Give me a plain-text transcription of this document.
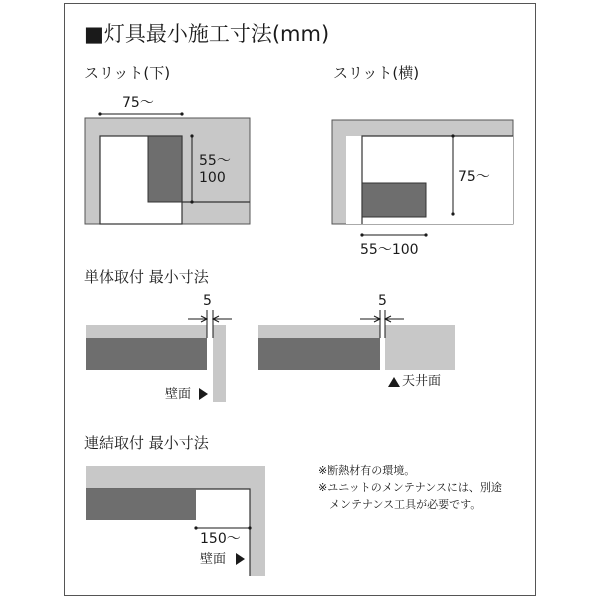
■灯具最小施工寸法(mm)
スリット(下)
75～
55～
100
スリット(横)
75～
55～100
単体取付 最小寸法
5	5
壁面
天井面
連結取付 最小寸法
150～
壁面
※断熱材有の環境。
※ユニットのメンテナンスには、別途
　メンテナンス工具が必要です。
